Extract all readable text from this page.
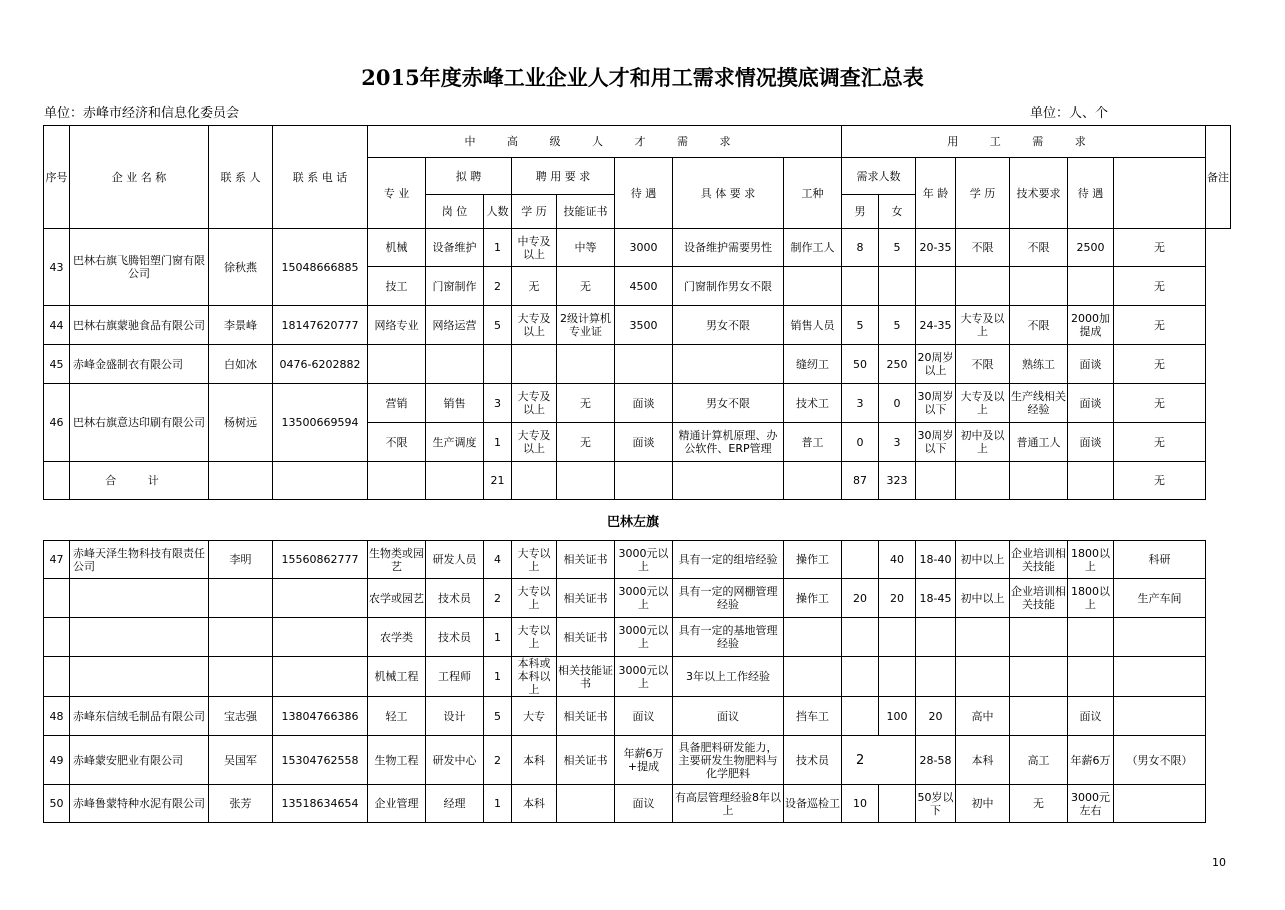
2015年度赤峰工业企业人才和用工需求情况摸底调查汇总表
单位：赤峰市经济和信息化委员会	单位：人、个
序号	企 业 名 称	联 系 人	联 系 电 话	中 高 级 人 才 需 求								用 工 需 求							备注
				专 业	拟 聘		聘 用 要 求		待 遇	具 体 要 求	工种	需求人数		年 龄	学 历	技术要求	待 遇		
					岗 位	人数	学 历	技能证书				男	女						
43	巴林右旗飞腾铝塑门窗有限公司	徐秋燕	15048666885	机械	设备维护	1	中专及以上	中等	3000	设备维护需要男性	制作工人	8	5	20-35	不限	不限	2500	无	
				技工	门窗制作	2	无	无	4500	门窗制作男女不限								无	
44	巴林右旗蒙驰食品有限公司	李景峰	18147620777	网络专业	网络运营	5	大专及以上	2级计算机专业证	3500	男女不限	销售人员	5	5	24-35	大专及以上	不限	2000加提成	无	
45	赤峰金盛制衣有限公司	白如冰	0476-6202882								缝纫工	50	250	20周岁以上	不限	熟练工	面谈	无	
46	巴林右旗意达印刷有限公司	杨树远	13500669594	营销	销售	3	大专及以上	无	面谈	男女不限	技术工	3	0	30周岁以下	大专及以上	生产线相关经验	面谈	无	
				不限	生产调度	1	大专及以上	无	面谈	精通计算机原理、办公软件、ERP管理	普工	0	3	30周岁以下	初中及以上	普通工人	面谈	无	
	合 计					21						87	323					无	
巴林左旗
47	赤峰天泽生物科技有限责任公司	李明	15560862777	生物类或园艺	研发人员	4	大专以上	相关证书	3000元以上	具有一定的组培经验	操作工		40	18-40	初中以上	企业培训相关技能	1800以上	科研
				农学或园艺	技术员	2	大专以上	相关证书	3000元以上	具有一定的网棚管理经验	操作工	20	20	18-45	初中以上	企业培训相关技能	1800以上	生产车间
				农学类	技术员	1	大专以上	相关证书	3000元以上	具有一定的基地管理经验								
				机械工程	工程师	1	本科或本科以上	相关技能证书	3000元以上	3年以上工作经验								
48	赤峰东信绒毛制品有限公司	宝志强	13804766386	轻工	设计	5	大专	相关证书	面议	面议	挡车工		100	20	高中		面议	
49	赤峰蒙安肥业有限公司	吴国军	15304762558	生物工程	研发中心	2	本科	相关证书	年薪6万+提成	具备肥料研发能力，主要研发生物肥料与化学肥料	技术员	2		28-58	本科	高工	年薪6万	（男女不限）
50	赤峰鲁蒙特种水泥有限公司	张芳	13518634654	企业管理	经理	1	本科		面议	有高层管理经验8年以上	设备巡检工	10		50岁以下	初中	无	3000元左右	
10
